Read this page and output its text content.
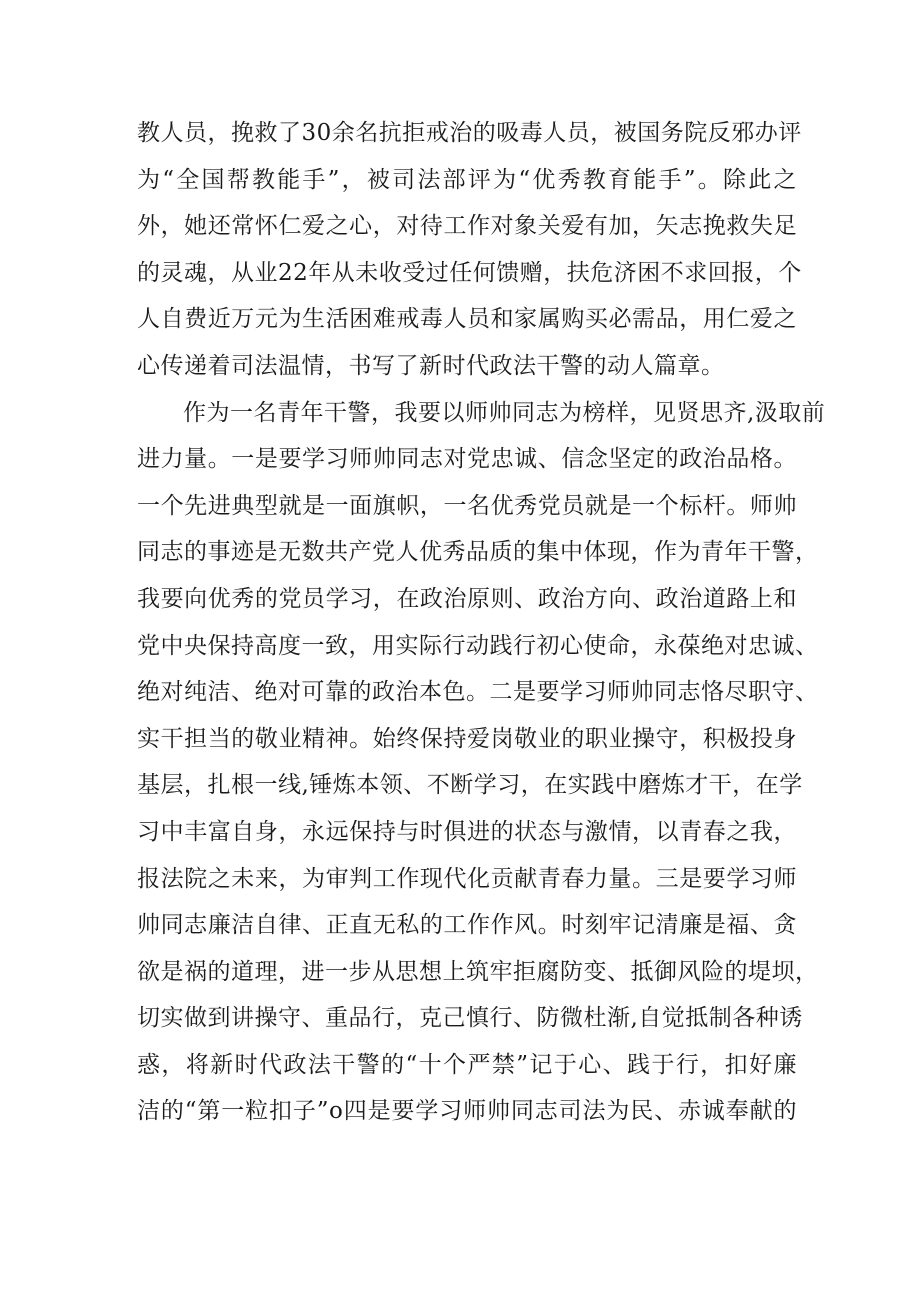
教人员，挽救了30余名抗拒戒治的吸毒人员，被国务院反邪办评
为“全国帮教能手”，被司法部评为“优秀教育能手”。除此之
外，她还常怀仁爱之心，对待工作对象关爱有加，矢志挽救失足
的灵魂，从业22年从未收受过任何馈赠，扶危济困不求回报，个
人自费近万元为生活困难戒毒人员和家属购买必需品，用仁爱之
心传递着司法温情，书写了新时代政法干警的动人篇章。
作为一名青年干警，我要以师帅同志为榜样，见贤思齐,汲取前
进力量。一是要学习师帅同志对党忠诚、信念坚定的政治品格。
一个先进典型就是一面旗帜，一名优秀党员就是一个标杆。师帅
同志的事迹是无数共产党人优秀品质的集中体现，作为青年干警，
我要向优秀的党员学习，在政治原则、政治方向、政治道路上和
党中央保持高度一致，用实际行动践行初心使命，永葆绝对忠诚、
绝对纯洁、绝对可靠的政治本色。二是要学习师帅同志恪尽职守、
实干担当的敬业精神。始终保持爱岗敬业的职业操守，积极投身
基层，扎根一线,锤炼本领、不断学习，在实践中磨炼才干，在学
习中丰富自身，永远保持与时俱进的状态与激情，以青春之我，
报法院之未来，为审判工作现代化贡献青春力量。三是要学习师
帅同志廉洁自律、正直无私的工作作风。时刻牢记清廉是福、贪
欲是祸的道理，进一步从思想上筑牢拒腐防变、抵御风险的堤坝，
切实做到讲操守、重品行，克己慎行、防微杜渐,自觉抵制各种诱
惑，将新时代政法干警的“十个严禁”记于心、践于行，扣好廉
洁的“第一粒扣子”o四是要学习师帅同志司法为民、赤诚奉献的
